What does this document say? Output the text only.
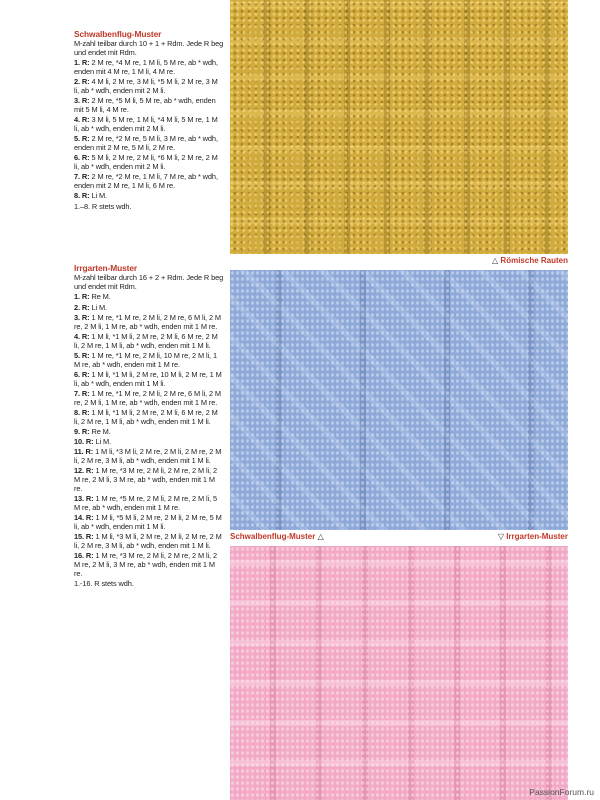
Schwalbenflug-Muster

M-zahl teilbar durch 10 + 1 + Rdm. Jede R beg und endet mit Rdm.

1. R: 2 M re, *4 M re, 1 M li, 5 M re, ab * wdh, enden mit 4 M re, 1 M li, 4 M re.

2. R: 4 M li, 2 M re, 3 M li, *5 M li, 2 M re, 3 M li, ab * wdh, enden mit 2 M li.

3. R: 2 M re, *5 M li, 5 M re, ab * wdh, enden mit 5 M li, 4 M re.

4. R: 3 M li, 5 M re, 1 M li, *4 M li, 5 M re, 1 M li, ab * wdh, enden mit 2 M li.

5. R: 2 M re, *2 M re, 5 M li, 3 M re, ab * wdh, enden mit 2 M re, 5 M li, 2 M re.

6. R: 5 M li, 2 M re, 2 M li, *6 M li, 2 M re, 2 M li, ab * wdh, enden mit 2 M li.

7. R: 2 M re, *2 M re, 1 M li, 7 M re, ab * wdh, enden mit 2 M re, 1 M li, 6 M re.

8. R: Li M.

1.–8. R stets wdh.

Irrgarten-Muster

M-zahl teilbar durch 16 + 2 + Rdm. Jede R beg und endet mit Rdm.

1. R: Re M.

2. R: Li M.

3. R: 1 M re, *1 M re, 2 M li, 2 M re, 6 M li, 2 M re, 2 M li, 1 M re, ab * wdh, enden mit 1 M re.

4. R: 1 M li, *1 M li, 2 M re, 2 M li, 6 M re, 2 M li, 2 M re, 1 M li, ab * wdh, enden mit 1 M li.

5. R: 1 M re, *1 M re, 2 M li, 10 M re, 2 M li, 1 M re, ab * wdh, enden mit 1 M re.

6. R: 1 M li, *1 M li, 2 M re, 10 M li, 2 M re, 1 M li, ab * wdh, enden mit 1 M li.

7. R: 1 M re, *1 M re, 2 M li, 2 M re, 6 M li, 2 M re, 2 M li, 1 M re, ab * wdh, enden mit 1 M re.

8. R: 1 M li, *1 M li, 2 M re, 2 M li, 6 M re, 2 M li, 2 M re, 1 M li, ab * wdh, enden mit 1 M li.

9. R: Re M.

10. R: Li M.

11. R: 1 M li, *3 M li, 2 M re, 2 M li, 2 M re, 2 M li, 2 M re, 3 M li, ab * wdh, enden mit 1 M li.

12. R: 1 M re, *3 M re, 2 M li, 2 M re, 2 M li, 2 M re, 2 M li, 3 M re, ab * wdh, enden mit 1 M re.

13. R: 1 M re, *5 M re, 2 M li, 2 M re, 2 M li, 5 M re, ab * wdh, enden mit 1 M re.

14. R: 1 M li, *5 M li, 2 M re, 2 M li, 2 M re, 5 M li, ab * wdh, enden mit 1 M li.

15. R: 1 M li, *3 M li, 2 M re, 2 M li, 2 M re, 2 M li, 2 M re, 3 M li, ab * wdh, enden mit 1 M li.

16. R: 1 M re, *3 M re, 2 M li, 2 M re, 2 M li, 2 M re, 2 M li, 3 M re, ab * wdh, enden mit 1 M re.

1.-16. R stets wdh.

△ Römische Rauten
Schwalbenflug-Muster △	▽ Irrgarten-Muster
PassionForum.ru
